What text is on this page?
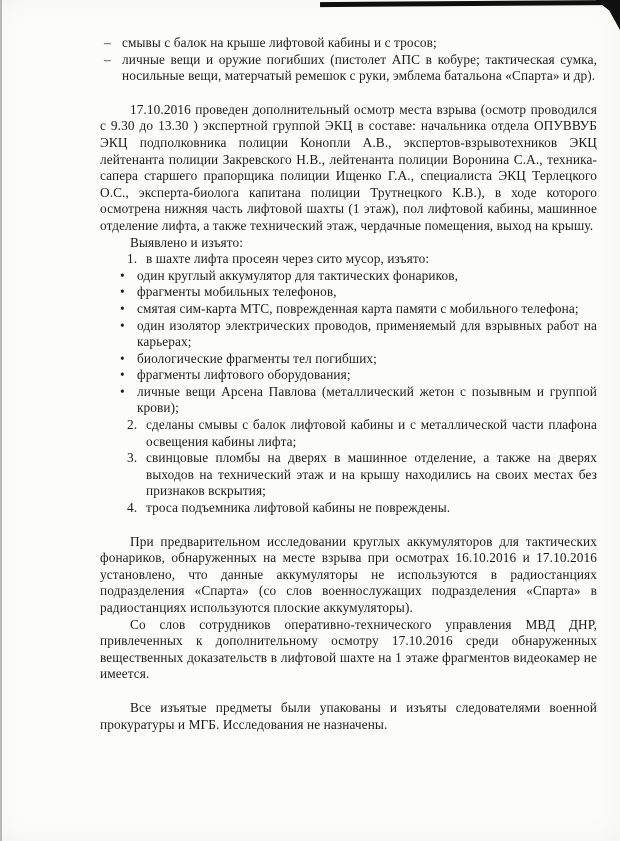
– смывы с балок на крыше лифтовой кабины и с тросов;
– личные вещи и оружие погибших (пистолет АПС в кобуре; тактическая сумка, носильные вещи, матерчатый ремешок с руки, эмблема батальона «Спарта» и др).

17.10.2016 проведен дополнительный осмотр места взрыва (осмотр проводился с 9.30 до 13.30 ) экспертной группой ЭКЦ в составе: начальника отдела ОПУВВУБ ЭКЦ подполковника полиции Конопли А.В., экспертов-взрывотехников ЭКЦ лейтенанта полиции Закревского Н.В., лейтенанта полиции Воронина С.А., техника-сапера старшего прапорщика полиции Ищенко Г.А., специалиста ЭКЦ Терлецкого О.С., эксперта-биолога капитана полиции Трутнецкого К.В.), в ходе которого осмотрена нижняя часть лифтовой шахты (1 этаж), пол лифтовой кабины, машинное отделение лифта, а также технический этаж, чердачные помещения, выход на крышу.

Выявлено и изъято:

1. в шахте лифта просеян через сито мусор, изъято:
• один круглый аккумулятор для тактических фонариков,
• фрагменты мобильных телефонов,
• смятая сим-карта МТС, поврежденная карта памяти с мобильного телефона;
• один изолятор электрических проводов, применяемый для взрывных работ на карьерах;
• биологические фрагменты тел погибших;
• фрагменты лифтового оборудования;
• личные вещи Арсена Павлова (металлический жетон с позывным и группой крови);
2. сделаны смывы с балок лифтовой кабины и с металлической части плафона освещения кабины лифта;
3. свинцовые пломбы на дверях в машинное отделение, а также на дверях выходов на технический этаж и на крышу находились на своих местах без признаков вскрытия;
4. троса подъемника лифтовой кабины не повреждены.

При предварительном исследовании круглых аккумуляторов для тактических фонариков, обнаруженных на месте взрыва при осмотрах 16.10.2016 и 17.10.2016 установлено, что данные аккумуляторы не используются в радиостанциях подразделения «Спарта» (со слов военнослужащих подразделения «Спарта» в радиостанциях используются плоские аккумуляторы).

Со слов сотрудников оперативно-технического управления МВД ДНР, привлеченных к дополнительному осмотру 17.10.2016 среди обнаруженных вещественных доказательств в лифтовой шахте на 1 этаже фрагментов видеокамер не имеется.

Все изъятые предметы были упакованы и изъяты следователями военной прокуратуры и МГБ. Исследования не назначены.
